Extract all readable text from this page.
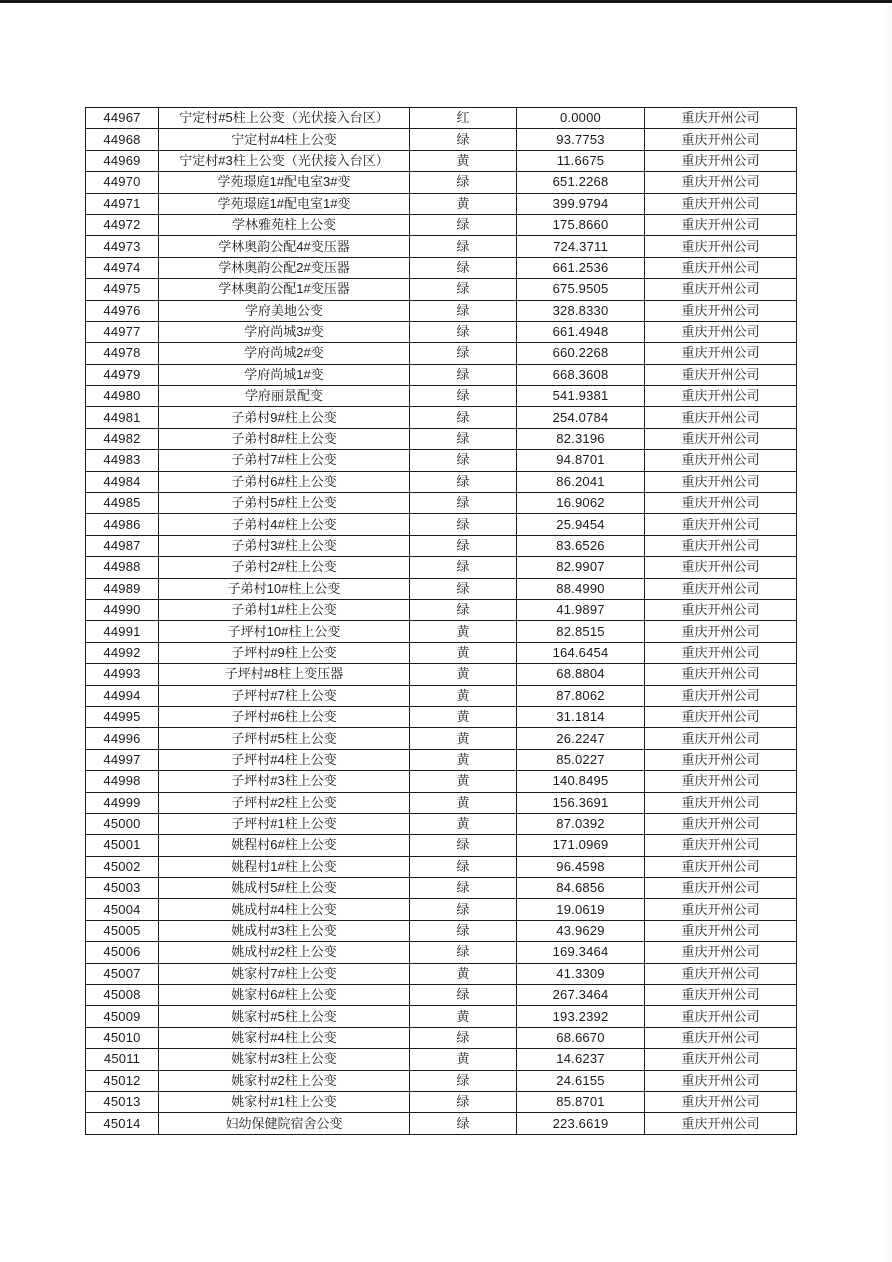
44967	宁定村#5柱上公变（光伏接入台区）	红	0.0000	重庆开州公司
44968	宁定村#4柱上公变	绿	93.7753	重庆开州公司
44969	宁定村#3柱上公变（光伏接入台区）	黄	11.6675	重庆开州公司
44970	学苑璟庭1#配电室3#变	绿	651.2268	重庆开州公司
44971	学苑璟庭1#配电室1#变	黄	399.9794	重庆开州公司
44972	学林雅苑柱上公变	绿	175.8660	重庆开州公司
44973	学林奥韵公配4#变压器	绿	724.3711	重庆开州公司
44974	学林奥韵公配2#变压器	绿	661.2536	重庆开州公司
44975	学林奥韵公配1#变压器	绿	675.9505	重庆开州公司
44976	学府美地公变	绿	328.8330	重庆开州公司
44977	学府尚城3#变	绿	661.4948	重庆开州公司
44978	学府尚城2#变	绿	660.2268	重庆开州公司
44979	学府尚城1#变	绿	668.3608	重庆开州公司
44980	学府丽景配变	绿	541.9381	重庆开州公司
44981	子弟村9#柱上公变	绿	254.0784	重庆开州公司
44982	子弟村8#柱上公变	绿	82.3196	重庆开州公司
44983	子弟村7#柱上公变	绿	94.8701	重庆开州公司
44984	子弟村6#柱上公变	绿	86.2041	重庆开州公司
44985	子弟村5#柱上公变	绿	16.9062	重庆开州公司
44986	子弟村4#柱上公变	绿	25.9454	重庆开州公司
44987	子弟村3#柱上公变	绿	83.6526	重庆开州公司
44988	子弟村2#柱上公变	绿	82.9907	重庆开州公司
44989	子弟村10#柱上公变	绿	88.4990	重庆开州公司
44990	子弟村1#柱上公变	绿	41.9897	重庆开州公司
44991	子坪村10#柱上公变	黄	82.8515	重庆开州公司
44992	子坪村#9柱上公变	黄	164.6454	重庆开州公司
44993	子坪村#8柱上变压器	黄	68.8804	重庆开州公司
44994	子坪村#7柱上公变	黄	87.8062	重庆开州公司
44995	子坪村#6柱上公变	黄	31.1814	重庆开州公司
44996	子坪村#5柱上公变	黄	26.2247	重庆开州公司
44997	子坪村#4柱上公变	黄	85.0227	重庆开州公司
44998	子坪村#3柱上公变	黄	140.8495	重庆开州公司
44999	子坪村#2柱上公变	黄	156.3691	重庆开州公司
45000	子坪村#1柱上公变	黄	87.0392	重庆开州公司
45001	姚程村6#柱上公变	绿	171.0969	重庆开州公司
45002	姚程村1#柱上公变	绿	96.4598	重庆开州公司
45003	姚成村5#柱上公变	绿	84.6856	重庆开州公司
45004	姚成村#4柱上公变	绿	19.0619	重庆开州公司
45005	姚成村#3柱上公变	绿	43.9629	重庆开州公司
45006	姚成村#2柱上公变	绿	169.3464	重庆开州公司
45007	姚家村7#柱上公变	黄	41.3309	重庆开州公司
45008	姚家村6#柱上公变	绿	267.3464	重庆开州公司
45009	姚家村#5柱上公变	黄	193.2392	重庆开州公司
45010	姚家村#4柱上公变	绿	68.6670	重庆开州公司
45011	姚家村#3柱上公变	黄	14.6237	重庆开州公司
45012	姚家村#2柱上公变	绿	24.6155	重庆开州公司
45013	姚家村#1柱上公变	绿	85.8701	重庆开州公司
45014	妇幼保健院宿舍公变	绿	223.6619	重庆开州公司
